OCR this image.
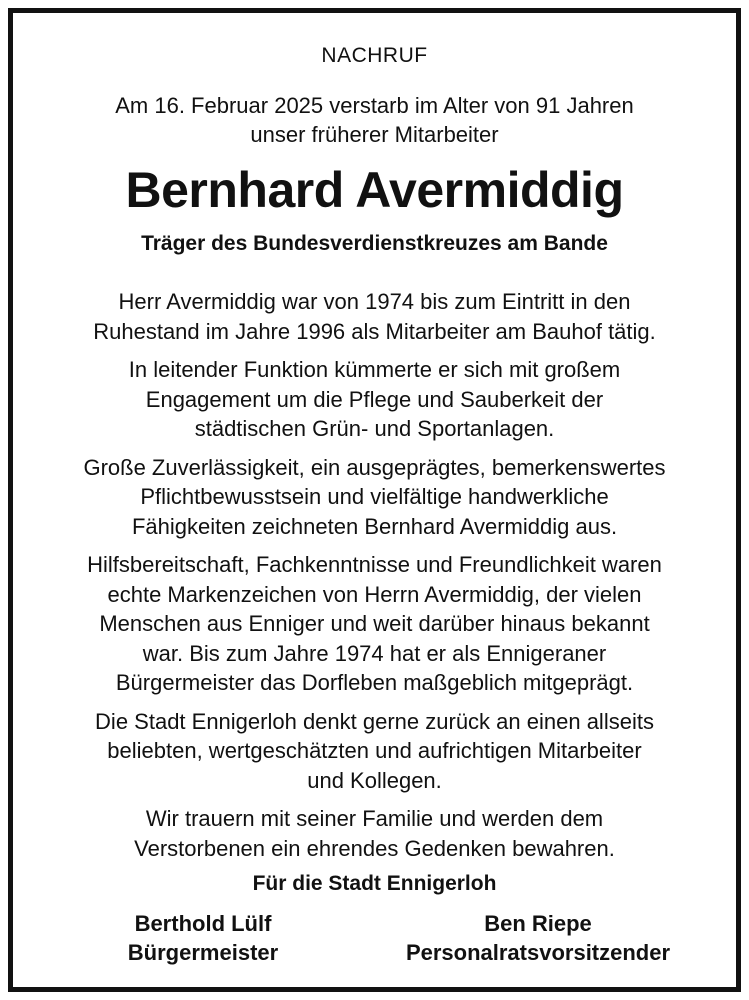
NACHRUF
Am 16. Februar 2025 verstarb im Alter von 91 Jahren
unser früherer Mitarbeiter
Bernhard Avermiddig
Träger des Bundesverdienstkreuzes am Bande

Herr Avermiddig war von 1974 bis zum Eintritt in den
Ruhestand im Jahre 1996 als Mitarbeiter am Bauhof tätig.

In leitender Funktion kümmerte er sich mit großem
Engagement um die Pflege und Sauberkeit der
städtischen Grün- und Sportanlagen.

Große Zuverlässigkeit, ein ausgeprägtes, bemerkenswertes
Pflichtbewusstsein und vielfältige handwerkliche
Fähigkeiten zeichneten Bernhard Avermiddig aus.

Hilfsbereitschaft, Fachkenntnisse und Freundlichkeit waren
echte Markenzeichen von Herrn Avermiddig, der vielen
Menschen aus Enniger und weit darüber hinaus bekannt
war. Bis zum Jahre 1974 hat er als Ennigeraner
Bürgermeister das Dorfleben maßgeblich mitgeprägt.

Die Stadt Ennigerloh denkt gerne zurück an einen allseits
beliebten, wertgeschätzten und aufrichtigen Mitarbeiter
und Kollegen.

Wir trauern mit seiner Familie und werden dem
Verstorbenen ein ehrendes Gedenken bewahren.

Für die Stadt Ennigerloh
Berthold Lülf
Bürgermeister
Ben Riepe
Personalratsvorsitzender
